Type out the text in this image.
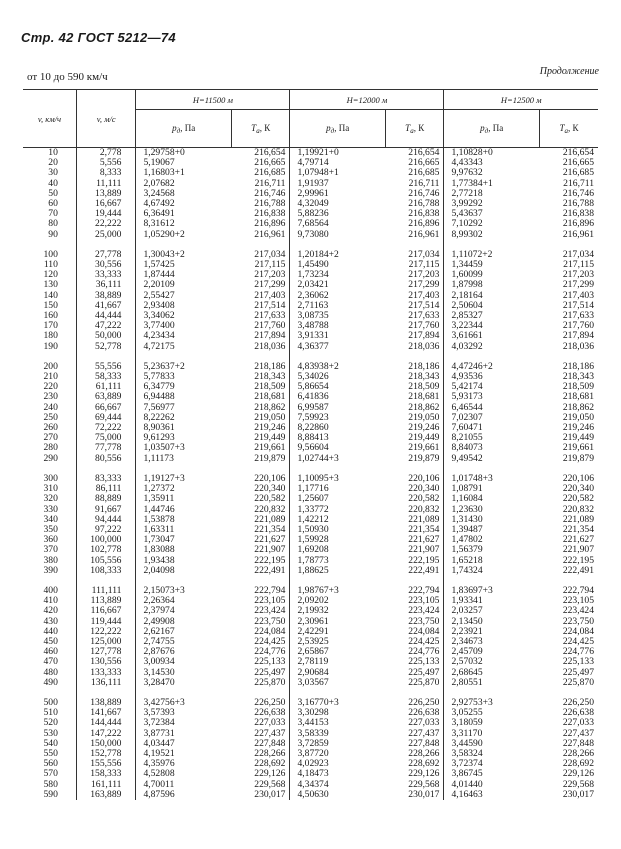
Стр. 42 ГОСТ 5212—74
от 10 до 590 км/ч	Продолжение
v, км/ч	v, м/с	H=11500 м		H=12000 м		H=12500 м	
		$p_д$, Па	$T_a$, К	$p_д$, Па	$T_a$, К	$p_д$, Па	$T_a$, К
10	2,778	1,29758+0	216,654	1,19921+0	216,654	1,10828+0	216,654
20	5,556	5,19067	216,665	4,79714	216,665	4,43343	216,665
30	8,333	1,16803+1	216,685	1,07948+1	216,685	9,97632	216,685
40	11,111	2,07682	216,711	1,91937	216,711	1,77384+1	216,711
50	13,889	3,24568	216,746	2,99961	216,746	2,77218	216,746
60	16,667	4,67492	216,788	4,32049	216,788	3,99292	216,788
70	19,444	6,36491	216,838	5,88236	216,838	5,43637	216,838
80	22,222	8,31612	216,896	7,68564	216,896	7,10292	216,896
90	25,000	1,05290+2	216,961	9,73080	216,961	8,99302	216,961

100	27,778	1,30043+2	217,034	1,20184+2	217,034	1,11072+2	217,034
110	30,556	1,57425	217,115	1,45490	217,115	1,34459	217,115
120	33,333	1,87444	217,203	1,73234	217,203	1,60099	217,203
130	36,111	2,20109	217,299	2,03421	217,299	1,87998	217,299
140	38,889	2,55427	217,403	2,36062	217,403	2,18164	217,403
150	41,667	2,93408	217,514	2,71163	217,514	2,50604	217,514
160	44,444	3,34062	217,633	3,08735	217,633	2,85327	217,633
170	47,222	3,77400	217,760	3,48788	217,760	3,22344	217,760
180	50,000	4,23434	217,894	3,91331	217,894	3,61661	217,894
190	52,778	4,72175	218,036	4,36377	218,036	4,03292	218,036

200	55,556	5,23637+2	218,186	4,83938+2	218,186	4,47246+2	218,186
210	58,333	5,77833	218,343	5,34026	218,343	4,93536	218,343
220	61,111	6,34779	218,509	5,86654	218,509	5,42174	218,509
230	63,889	6,94488	218,681	6,41836	218,681	5,93173	218,681
240	66,667	7,56977	218,862	6,99587	218,862	6,46544	218,862
250	69,444	8,22262	219,050	7,59923	219,050	7,02307	219,050
260	72,222	8,90361	219,246	8,22860	219,246	7,60471	219,246
270	75,000	9,61293	219,449	8,88413	219,449	8,21055	219,449
280	77,778	1,03507+3	219,661	9,56604	219,661	8,84073	219,661
290	80,556	1,11173	219,879	1,02744+3	219,879	9,49542	219,879

300	83,333	1,19127+3	220,106	1,10095+3	220,106	1,01748+3	220,106
310	86,111	1,27372	220,340	1,17716	220,340	1,08791	220,340
320	88,889	1,35911	220,582	1,25607	220,582	1,16084	220,582
330	91,667	1,44746	220,832	1,33772	220,832	1,23630	220,832
340	94,444	1,53878	221,089	1,42212	221,089	1,31430	221,089
350	97,222	1,63311	221,354	1,50930	221,354	1,39487	221,354
360	100,000	1,73047	221,627	1,59928	221,627	1,47802	221,627
370	102,778	1,83088	221,907	1,69208	221,907	1,56379	221,907
380	105,556	1,93438	222,195	1,78773	222,195	1,65218	222,195
390	108,333	2,04098	222,491	1,88625	222,491	1,74324	222,491

400	111,111	2,15073+3	222,794	1,98767+3	222,794	1,83697+3	222,794
410	113,889	2,26364	223,105	2,09202	223,105	1,93341	223,105
420	116,667	2,37974	223,424	2,19932	223,424	2,03257	223,424
430	119,444	2,49908	223,750	2,30961	223,750	2,13450	223,750
440	122,222	2,62167	224,084	2,42291	224,084	2,23921	224,084
450	125,000	2,74755	224,425	2,53925	224,425	2,34673	224,425
460	127,778	2,87676	224,776	2,65867	224,776	2,45709	224,776
470	130,556	3,00934	225,133	2,78119	225,133	2,57032	225,133
480	133,333	3,14530	225,497	2,90684	225,497	2,68645	225,497
490	136,111	3,28470	225,870	3,03567	225,870	2,80551	225,870

500	138,889	3,42756+3	226,250	3,16770+3	226,250	2,92753+3	226,250
510	141,667	3,57393	226,638	3,30298	226,638	3,05255	226,638
520	144,444	3,72384	227,033	3,44153	227,033	3,18059	227,033
530	147,222	3,87731	227,437	3,58339	227,437	3,31170	227,437
540	150,000	4,03447	227,848	3,72859	227,848	3,44590	227,848
550	152,778	4,19521	228,266	3,87720	228,266	3,58324	228,266
560	155,556	4,35976	228,692	4,02923	228,692	3,72374	228,692
570	158,333	4,52808	229,126	4,18473	229,126	3,86745	229,126
580	161,111	4,70011	229,568	4,34374	229,568	4,01440	229,568
590	163,889	4,87596	230,017	4,50630	230,017	4,16463	230,017
